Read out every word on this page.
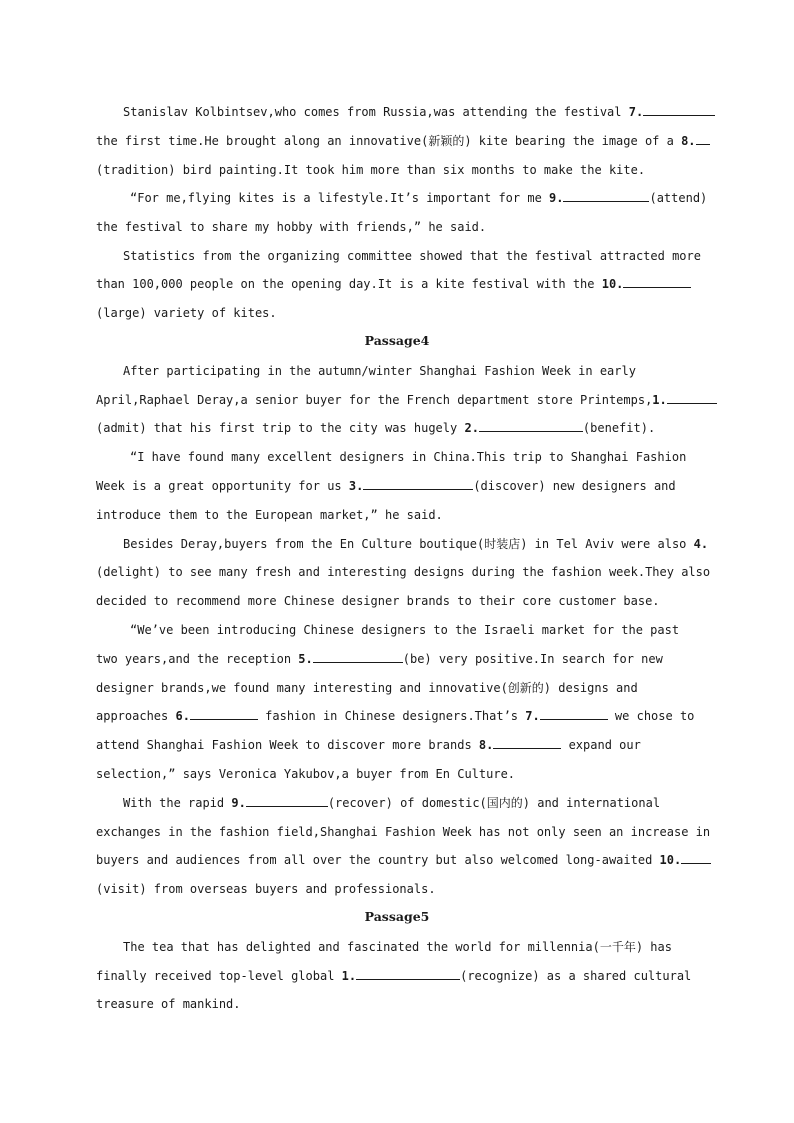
Stanislav Kolbintsev,who comes from Russia,was attending the festival 7.
the first time.He brought along an innovative(新颖的) kite bearing the image of a 8.
(tradition) bird painting.It took him more than six months to make the kite.
“For me,flying kites is a lifestyle.It’s important for me 9.	(attend)
the festival to share my hobby with friends,” he said.
Statistics from the organizing committee showed that the festival attracted more
than 100,000 people on the opening day.It is a kite festival with the 10.
(large) variety of kites.
Passage4
After participating in the autumn/winter Shanghai Fashion Week in early
April,Raphael Deray,a senior buyer for the French department store Printemps,1.
(admit) that his first trip to the city was hugely 2.	(benefit).
“I have found many excellent designers in China.This trip to Shanghai Fashion
Week is a great opportunity for us 3.	(discover) new designers and
introduce them to the European market,” he said.
Besides Deray,buyers from the En Culture boutique(时装店) in Tel Aviv were also 4.
(delight) to see many fresh and interesting designs during the fashion week.They also
decided to recommend more Chinese designer brands to their core customer base.
“We’ve been introducing Chinese designers to the Israeli market for the past
two years,and the reception 5.	(be) very positive.In search for new
designer brands,we found many interesting and innovative(创新的) designs and
approaches 6.	fashion in Chinese designers.That’s 7.	we chose to
attend Shanghai Fashion Week to discover more brands 8.	expand our
selection,” says Veronica Yakubov,a buyer from En Culture.
With the rapid 9.	(recover) of domestic(国内的) and international
exchanges in the fashion field,Shanghai Fashion Week has not only seen an increase in
buyers and audiences from all over the country but also welcomed long-awaited 10.
(visit) from overseas buyers and professionals.
Passage5
The tea that has delighted and fascinated the world for millennia(一千年) has
finally received top-level global 1.	(recognize) as a shared cultural
treasure of mankind.
